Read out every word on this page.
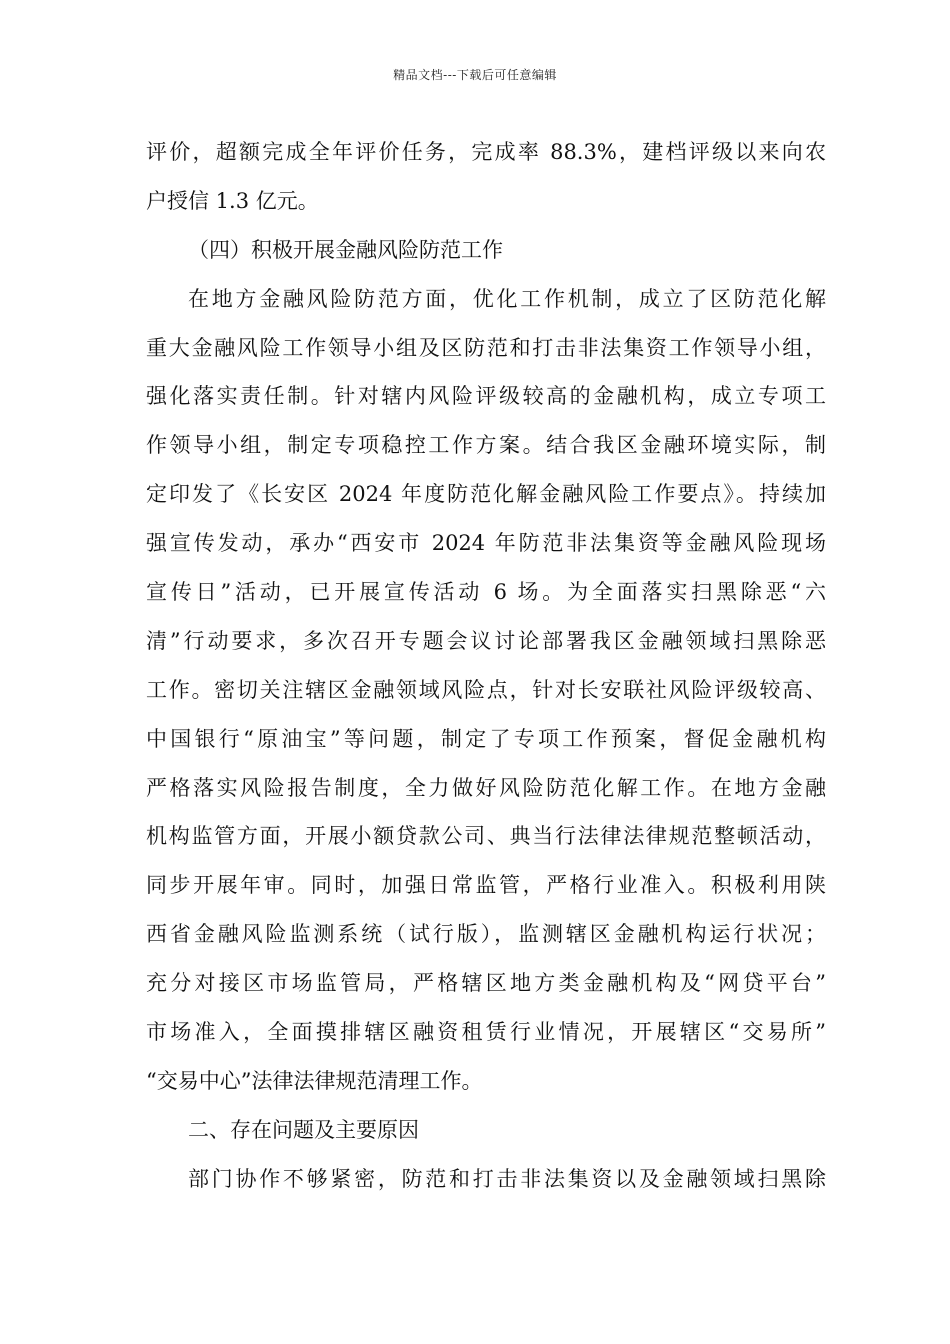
精品文档---下载后可任意编辑
评价，超额完成全年评价任务，完成率 88.3%，建档评级以来向农
户授信 1.3 亿元。
（四）积极开展金融风险防范工作
在地方金融风险防范方面，优化工作机制，成立了区防范化解
重大金融风险工作领导小组及区防范和打击非法集资工作领导小组，
强化落实责任制。针对辖内风险评级较高的金融机构，成立专项工
作领导小组，制定专项稳控工作方案。结合我区金融环境实际，制
定印发了《长安区 2024 年度防范化解金融风险工作要点》。持续加
强宣传发动，承办“西安市 2024 年防范非法集资等金融风险现场
宣传日”活动，已开展宣传活动 6 场。为全面落实扫黑除恶“六
清”行动要求，多次召开专题会议讨论部署我区金融领域扫黑除恶
工作。密切关注辖区金融领域风险点，针对长安联社风险评级较高、
中国银行“原油宝”等问题，制定了专项工作预案，督促金融机构
严格落实风险报告制度，全力做好风险防范化解工作。在地方金融
机构监管方面，开展小额贷款公司、典当行法律法律规范整顿活动，
同步开展年审。同时，加强日常监管，严格行业准入。积极利用陕
西省金融风险监测系统（试行版），监测辖区金融机构运行状况；
充分对接区市场监管局，严格辖区地方类金融机构及“网贷平台”
市场准入，全面摸排辖区融资租赁行业情况，开展辖区“交易所”
“交易中心”法律法律规范清理工作。
二、存在问题及主要原因
部门协作不够紧密，防范和打击非法集资以及金融领域扫黑除
